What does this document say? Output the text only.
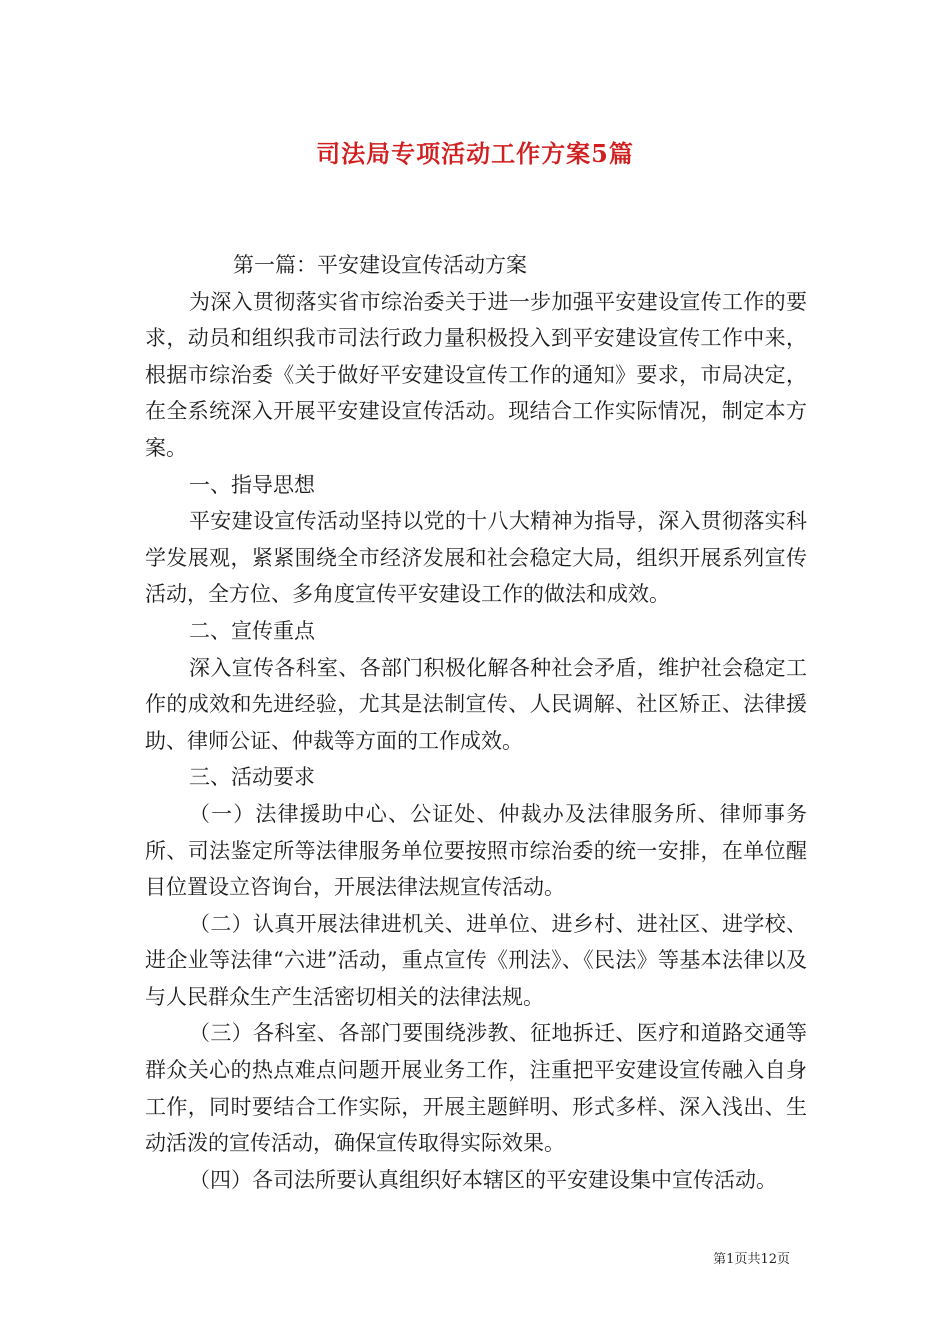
司法局专项活动工作方案5篇

第一篇：平安建设宣传活动方案

为深入贯彻落实省市综治委关于进一步加强平安建设宣传工作的要求，动员和组织我市司法行政力量积极投入到平安建设宣传工作中来，根据市综治委《关于做好平安建设宣传工作的通知》要求，市局决定，在全系统深入开展平安建设宣传活动。现结合工作实际情况，制定本方案。

一、指导思想

平安建设宣传活动坚持以党的十八大精神为指导，深入贯彻落实科学发展观，紧紧围绕全市经济发展和社会稳定大局，组织开展系列宣传活动，全方位、多角度宣传平安建设工作的做法和成效。

二、宣传重点

深入宣传各科室、各部门积极化解各种社会矛盾，维护社会稳定工作的成效和先进经验，尤其是法制宣传、人民调解、社区矫正、法律援助、律师公证、仲裁等方面的工作成效。

三、活动要求

（一）法律援助中心、公证处、仲裁办及法律服务所、律师事务所、司法鉴定所等法律服务单位要按照市综治委的统一安排，在单位醒目位置设立咨询台，开展法律法规宣传活动。

（二）认真开展法律进机关、进单位、进乡村、进社区、进学校、进企业等法律“六进”活动，重点宣传《刑法》、《民法》等基本法律以及与人民群众生产生活密切相关的法律法规。

（三）各科室、各部门要围绕涉教、征地拆迁、医疗和道路交通等群众关心的热点难点问题开展业务工作，注重把平安建设宣传融入自身工作，同时要结合工作实际，开展主题鲜明、形式多样、深入浅出、生动活泼的宣传活动，确保宣传取得实际效果。

（四）各司法所要认真组织好本辖区的平安建设集中宣传活动。

第1页共12页
